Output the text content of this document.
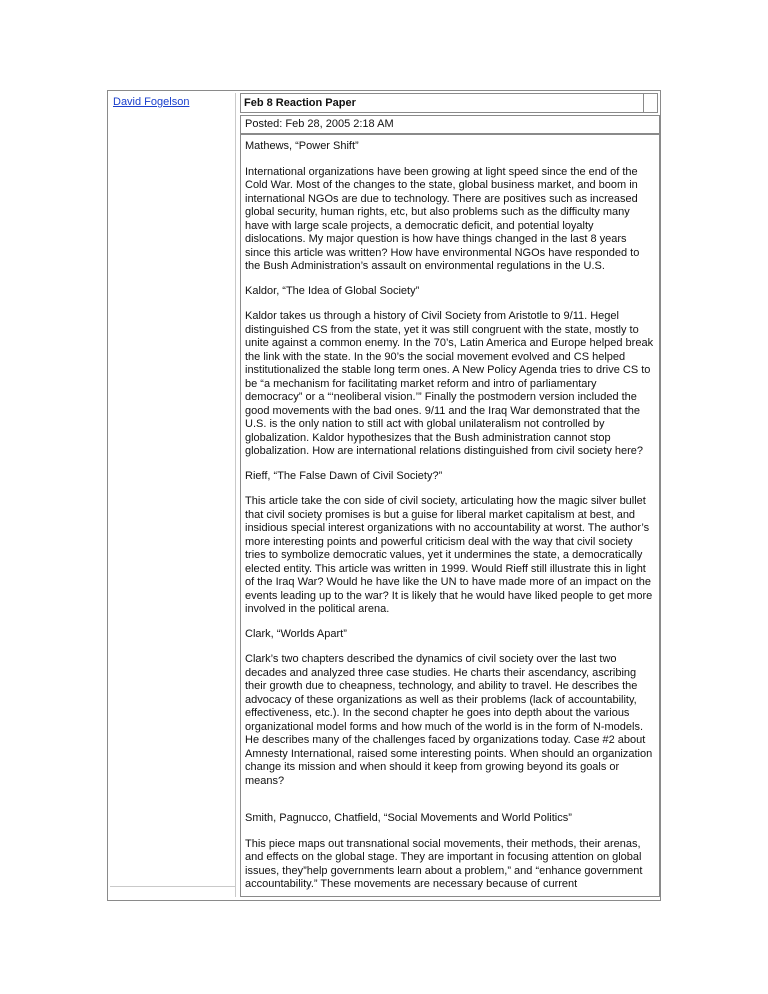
David Fogelson	Feb 8 Reaction Paper
Posted: Feb 28, 2005 2:18 AM

Mathews, “Power Shift”

International organizations have been growing at light speed since the end of the Cold War. Most of the changes to the state, global business market, and boom in international NGOs are due to technology. There are positives such as increased global security, human rights, etc, but also problems such as the difficulty many have with large scale projects, a democratic deficit, and potential loyalty dislocations. My major question is how have things changed in the last 8 years since this article was written? How have environmental NGOs have responded to the Bush Administration’s assault on environmental regulations in the U.S.

Kaldor, “The Idea of Global Society”

Kaldor takes us through a history of Civil Society from Aristotle to 9/11. Hegel distinguished CS from the state, yet it was still congruent with the state, mostly to unite against a common enemy. In the 70’s, Latin America and Europe helped break the link with the state. In the 90’s the social movement evolved and CS helped institutionalized the stable long term ones. A New Policy Agenda tries to drive CS to be “a mechanism for facilitating market reform and intro of parliamentary democracy” or a “‘neoliberal vision.’” Finally the postmodern version included the good movements with the bad ones. 9/11 and the Iraq War demonstrated that the U.S. is the only nation to still act with global unilateralism not controlled by globalization. Kaldor hypothesizes that the Bush administration cannot stop globalization. How are international relations distinguished from civil society here?

Rieff, “The False Dawn of Civil Society?”

This article take the con side of civil society, articulating how the magic silver bullet that civil society promises is but a guise for liberal market capitalism at best, and insidious special interest organizations with no accountability at worst. The author’s more interesting points and powerful criticism deal with the way that civil society tries to symbolize democratic values, yet it undermines the state, a democratically elected entity. This article was written in 1999. Would Rieff still illustrate this in light of the Iraq War? Would he have like the UN to have made more of an impact on the events leading up to the war? It is likely that he would have liked people to get more involved in the political arena.

Clark, “Worlds Apart”

Clark’s two chapters described the dynamics of civil society over the last two decades and analyzed three case studies. He charts their ascendancy, ascribing their growth due to cheapness, technology, and ability to travel. He describes the advocacy of these organizations as well as their problems (lack of accountability, effectiveness, etc.). In the second chapter he goes into depth about the various organizational model forms and how much of the world is in the form of N-models. He describes many of the challenges faced by organizations today. Case #2 about Amnesty International, raised some interesting points. When should an organization change its mission and when should it keep from growing beyond its goals or means?

Smith, Pagnucco, Chatfield, “Social Movements and World Politics”

This piece maps out transnational social movements, their methods, their arenas, and effects on the global stage. They are important in focusing attention on global issues, they”help governments learn about a problem,” and “enhance government accountability.” These movements are necessary because of current
